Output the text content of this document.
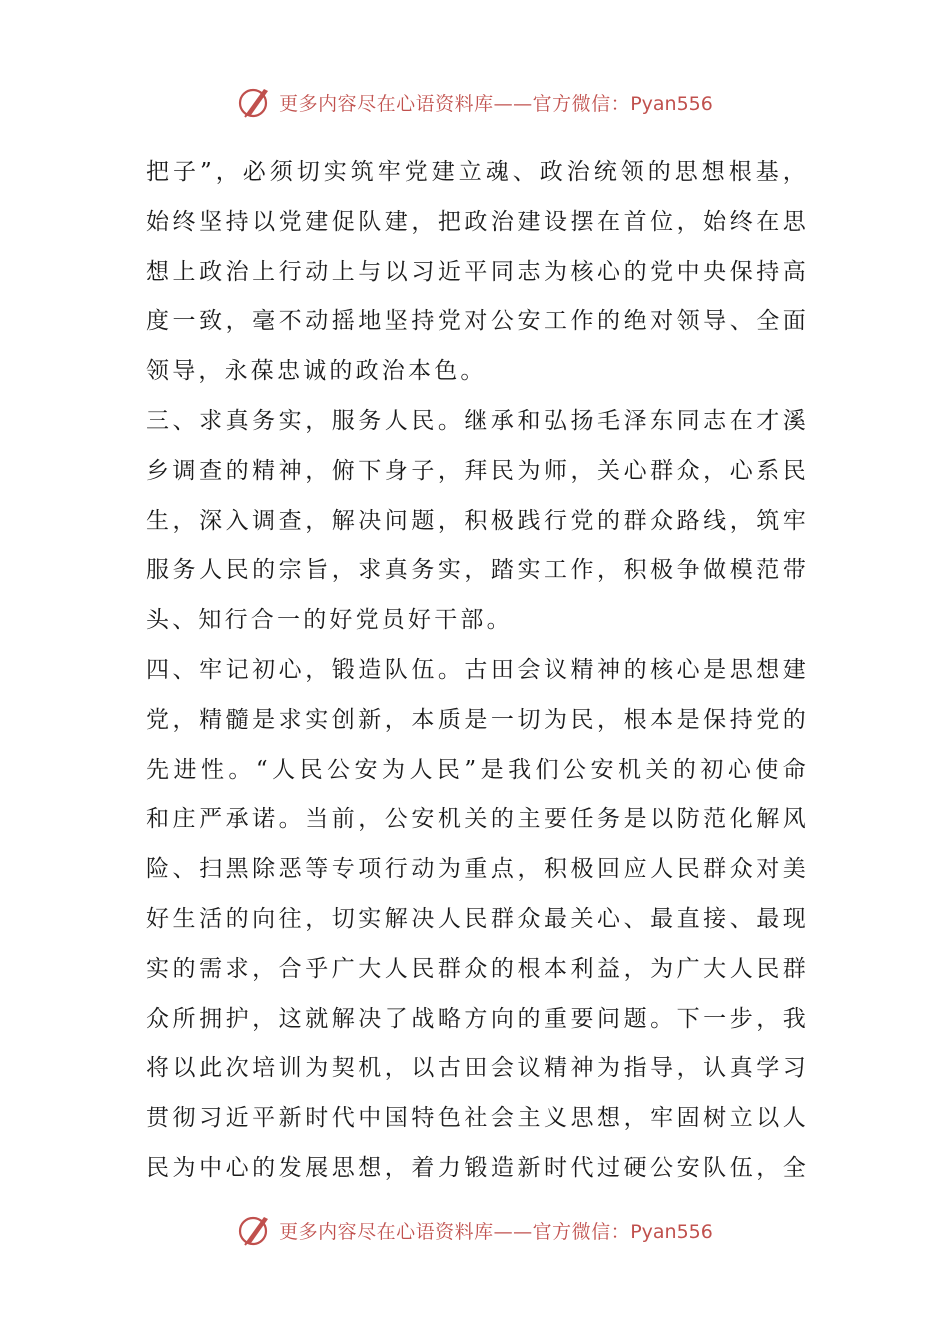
更多内容尽在心语资料库——官方微信：Pyan556
把 子 ” ， 必 须 切 实 筑 牢 党 建 立 魂 、 政 治 统 领 的 思 想 根 基 ，
始 终 坚 持 以 党 建 促 队 建 ， 把 政 治 建 设 摆 在 首 位 ， 始 终 在 思
想 上 政 治 上 行 动 上 与 以 习 近 平 同 志 为 核 心 的 党 中 央 保 持 高
度 一 致 ， 毫 不 动 摇 地 坚 持 党 对 公 安 工 作 的 绝 对 领 导 、 全 面
领导，永葆忠诚的政治本色。
三 、 求 真 务 实 ， 服 务 人 民 。 继 承 和 弘 扬 毛 泽 东 同 志 在 才 溪
乡 调 查 的 精 神 ， 俯 下 身 子 ， 拜 民 为 师 ， 关 心 群 众 ， 心 系 民
生 ， 深 入 调 查 ， 解 决 问 题 ， 积 极 践 行 党 的 群 众 路 线 ， 筑 牢
服 务 人 民 的 宗 旨 ， 求 真 务 实 ， 踏 实 工 作 ， 积 极 争 做 模 范 带
头、知行合一的好党员好干部。
四 、 牢 记 初 心 ， 锻 造 队 伍 。 古 田 会 议 精 神 的 核 心 是 思 想 建
党 ， 精 髓 是 求 实 创 新 ， 本 质 是 一 切 为 民 ， 根 本 是 保 持 党 的
先 进 性 。 “ 人 民 公 安 为 人 民 ” 是 我 们 公 安 机 关 的 初 心 使 命
和 庄 严 承 诺 。 当 前 ， 公 安 机 关 的 主 要 任 务 是 以 防 范 化 解 风
险 、 扫 黑 除 恶 等 专 项 行 动 为 重 点 ， 积 极 回 应 人 民 群 众 对 美
好 生 活 的 向 往 ， 切 实 解 决 人 民 群 众 最 关 心 、 最 直 接 、 最 现
实 的 需 求 ， 合 乎 广 大 人 民 群 众 的 根 本 利 益 ， 为 广 大 人 民 群
众 所 拥 护 ， 这 就 解 决 了 战 略 方 向 的 重 要 问 题 。 下 一 步 ， 我
将 以 此 次 培 训 为 契 机 ， 以 古 田 会 议 精 神 为 指 导 ， 认 真 学 习
贯 彻 习 近 平 新 时 代 中 国 特 色 社 会 主 义 思 想 ， 牢 固 树 立 以 人
民 为 中 心 的 发 展 思 想 ， 着 力 锻 造 新 时 代 过 硬 公 安 队 伍 ， 全
更多内容尽在心语资料库——官方微信：Pyan556
